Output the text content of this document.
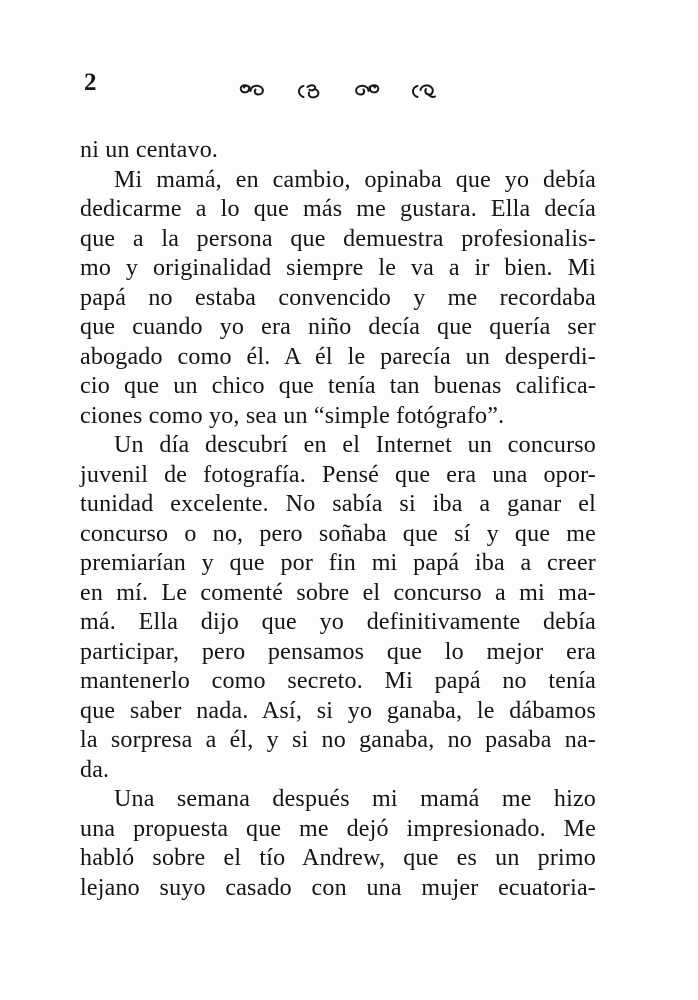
2
ni un centavo.
Mi mamá, en cambio, opinaba que yo debía
dedicarme a lo que más me gustara. Ella decía
que a la persona que demuestra profesionalis-
mo y originalidad siempre le va a ir bien. Mi
papá no estaba convencido y me recordaba
que cuando yo era niño decía que quería ser
abogado como él. A él le parecía un desperdi-
cio que un chico que tenía tan buenas califica-
ciones como yo, sea un “simple fotógrafo”.
Un día descubrí en el Internet un concurso
juvenil de fotografía. Pensé que era una opor-
tunidad excelente. No sabía si iba a ganar el
concurso o no, pero soñaba que sí y que me
premiarían y que por fin mi papá iba a creer
en mí. Le comenté sobre el concurso a mi ma-
má. Ella dijo que yo definitivamente debía
participar, pero pensamos que lo mejor era
mantenerlo como secreto. Mi papá no tenía
que saber nada. Así, si yo ganaba, le dábamos
la sorpresa a él, y si no ganaba, no pasaba na-
da.
Una semana después mi mamá me hizo
una propuesta que me dejó impresionado. Me
habló sobre el tío Andrew, que es un primo
lejano suyo casado con una mujer ecuatoria-
